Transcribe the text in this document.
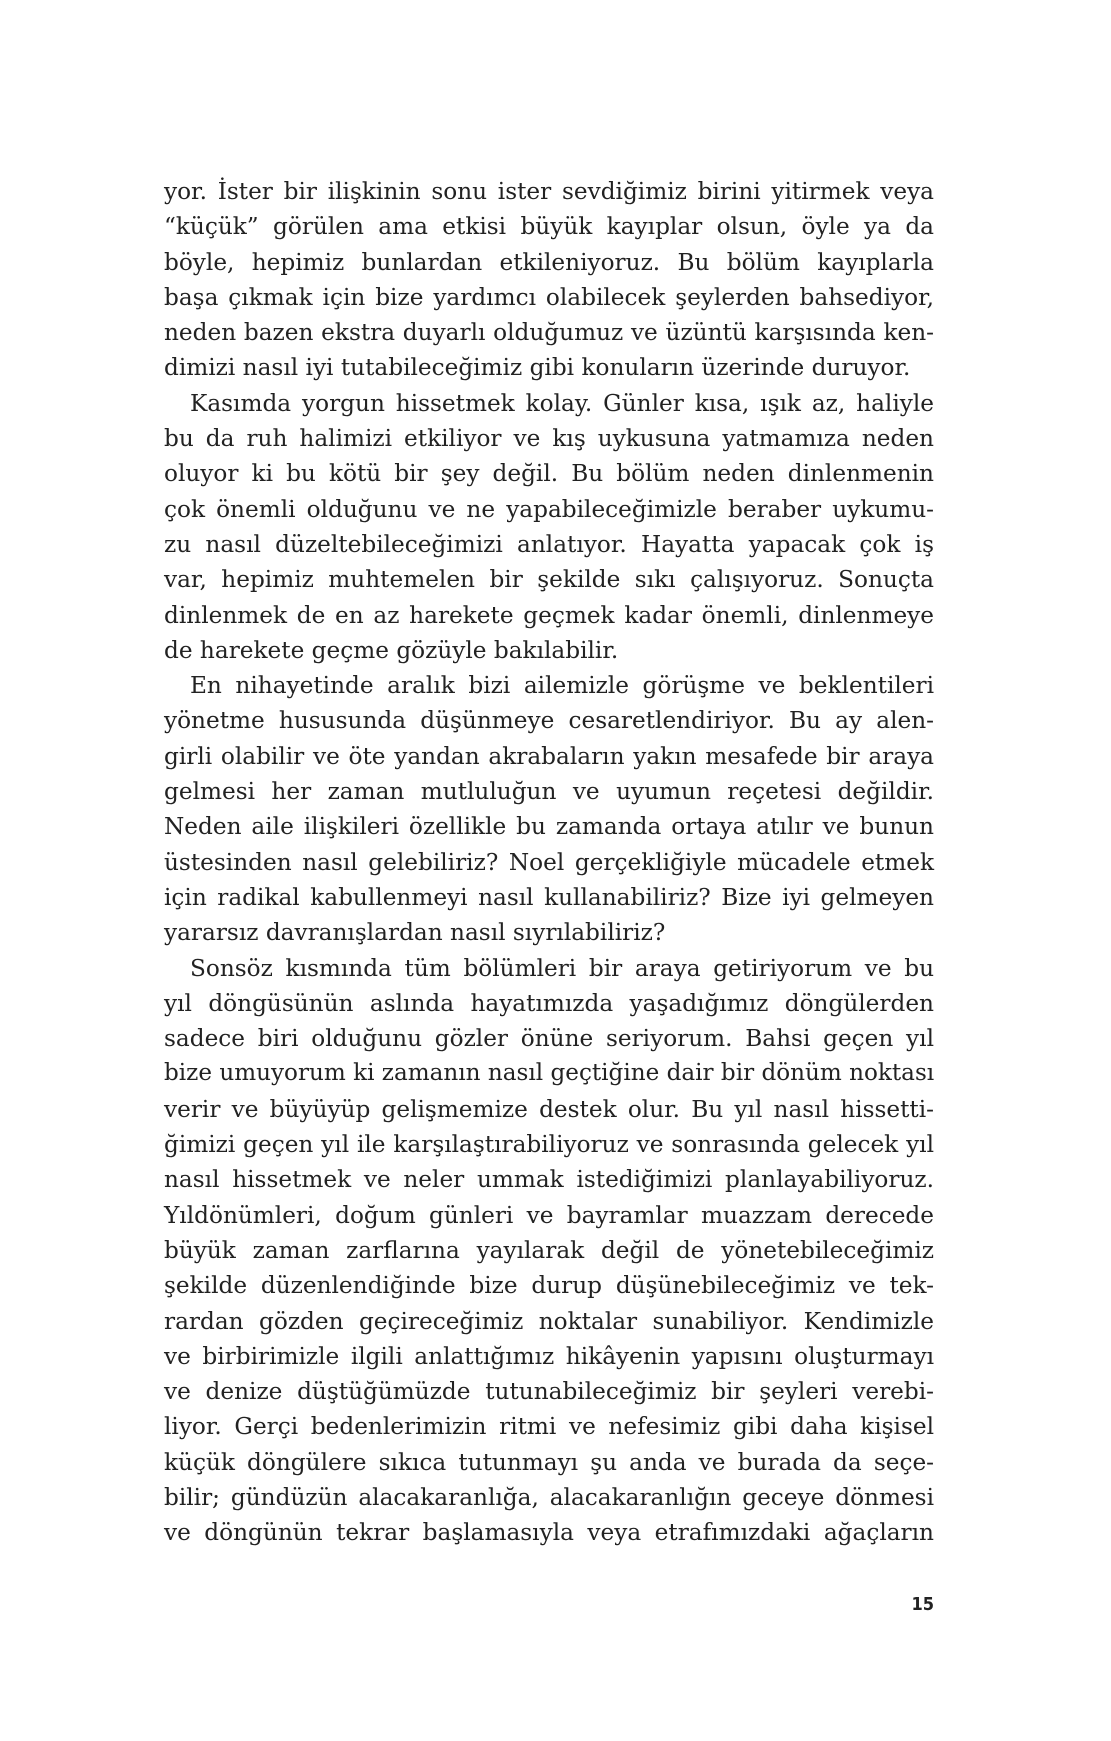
yor. İster bir ilişkinin sonu ister sevdiğimiz birini yitirmek veya
“küçük” görülen ama etkisi büyük kayıplar olsun, öyle ya da
böyle, hepimiz bunlardan etkileniyoruz. Bu bölüm kayıplarla
başa çıkmak için bize yardımcı olabilecek şeylerden bahsediyor,
neden bazen ekstra duyarlı olduğumuz ve üzüntü karşısında ken-
dimizi nasıl iyi tutabileceğimiz gibi konuların üzerinde duruyor.
Kasımda yorgun hissetmek kolay. Günler kısa, ışık az, haliyle
bu da ruh halimizi etkiliyor ve kış uykusuna yatmamıza neden
oluyor ki bu kötü bir şey değil. Bu bölüm neden dinlenmenin
çok önemli olduğunu ve ne yapabileceğimizle beraber uykumu-
zu nasıl düzeltebileceğimizi anlatıyor. Hayatta yapacak çok iş
var, hepimiz muhtemelen bir şekilde sıkı çalışıyoruz. Sonuçta
dinlenmek de en az harekete geçmek kadar önemli, dinlenmeye
de harekete geçme gözüyle bakılabilir.
En nihayetinde aralık bizi ailemizle görüşme ve beklentileri
yönetme hususunda düşünmeye cesaretlendiriyor. Bu ay alen-
girli olabilir ve öte yandan akrabaların yakın mesafede bir araya
gelmesi her zaman mutluluğun ve uyumun reçetesi değildir.
Neden aile ilişkileri özellikle bu zamanda ortaya atılır ve bunun
üstesinden nasıl gelebiliriz? Noel gerçekliğiyle mücadele etmek
için radikal kabullenmeyi nasıl kullanabiliriz? Bize iyi gelmeyen
yararsız davranışlardan nasıl sıyrılabiliriz?
Sonsöz kısmında tüm bölümleri bir araya getiriyorum ve bu
yıl döngüsünün aslında hayatımızda yaşadığımız döngülerden
sadece biri olduğunu gözler önüne seriyorum. Bahsi geçen yıl
bize umuyorum ki zamanın nasıl geçtiğine dair bir dönüm noktası
verir ve büyüyüp gelişmemize destek olur. Bu yıl nasıl hissetti-
ğimizi geçen yıl ile karşılaştırabiliyoruz ve sonrasında gelecek yıl
nasıl hissetmek ve neler ummak istediğimizi planlayabiliyoruz.
Yıldönümleri, doğum günleri ve bayramlar muazzam derecede
büyük zaman zarflarına yayılarak değil de yönetebileceğimiz
şekilde düzenlendiğinde bize durup düşünebileceğimiz ve tek-
rardan gözden geçireceğimiz noktalar sunabiliyor. Kendimizle
ve birbirimizle ilgili anlattığımız hikâyenin yapısını oluşturmayı
ve denize düştüğümüzde tutunabileceğimiz bir şeyleri verebi-
liyor. Gerçi bedenlerimizin ritmi ve nefesimiz gibi daha kişisel
küçük döngülere sıkıca tutunmayı şu anda ve burada da seçe-
bilir; gündüzün alacakaranlığa, alacakaranlığın geceye dönmesi
ve döngünün tekrar başlamasıyla veya etrafımızdaki ağaçların
15
